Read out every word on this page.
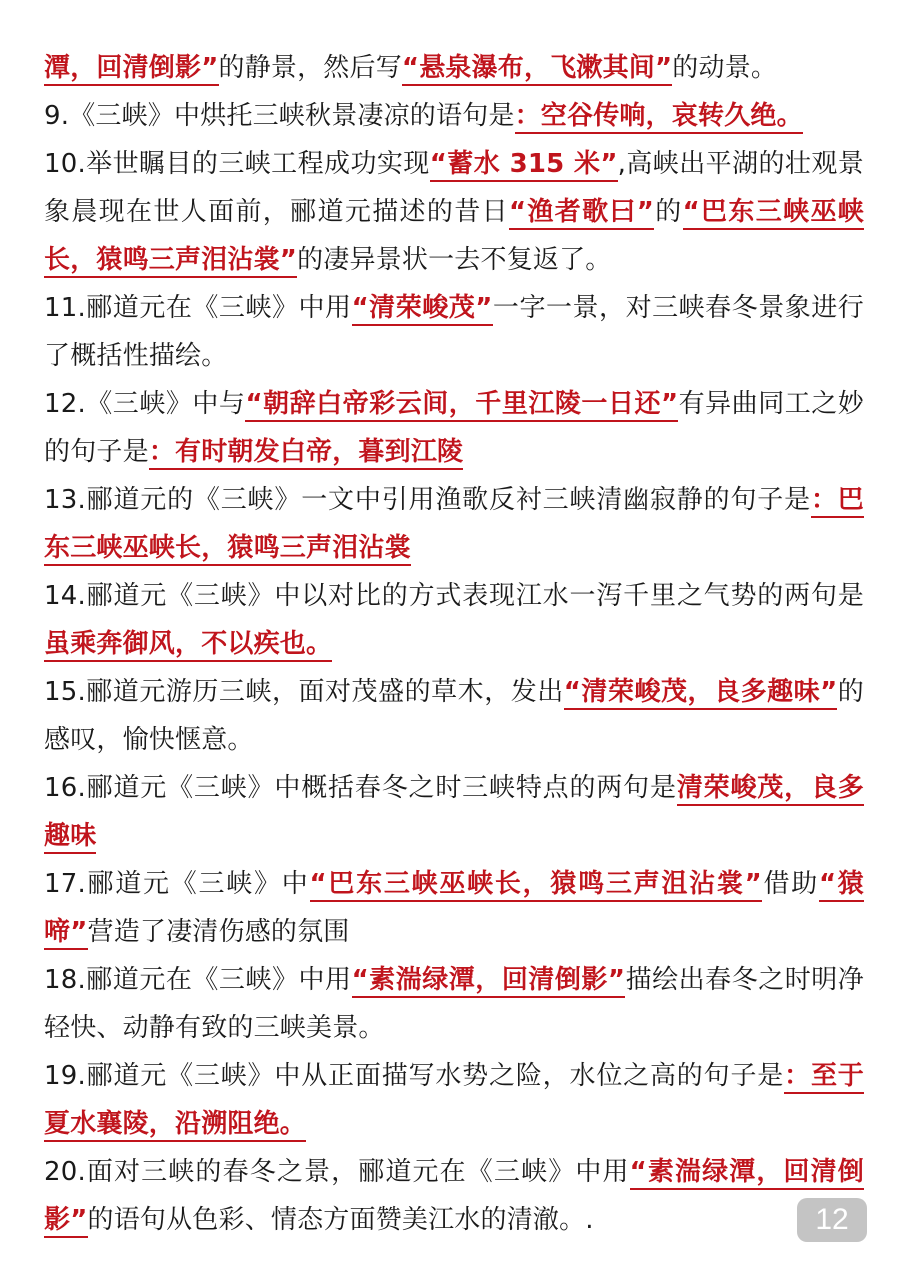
潭，回清倒影”的静景，然后写“悬泉瀑布，飞漱其间”的动景。

9.《三峡》中烘托三峡秋景凄凉的语句是：空谷传响，哀转久绝。

10.举世瞩目的三峡工程成功实现“蓄水 315 米”,高峡出平湖的壮观景象晨现在世人面前，郦道元描述的昔日“渔者歌曰”的“巴东三峡巫峡长，猿鸣三声泪沾裳”的凄异景状一去不复返了。

11.郦道元在《三峡》中用“清荣峻茂”一字一景，对三峡春冬景象进行了概括性描绘。

12.《三峡》中与“朝辞白帝彩云间，千里江陵一日还”有异曲同工之妙的句子是：有时朝发白帝，暮到江陵

13.郦道元的《三峡》一文中引用渔歌反衬三峡清幽寂静的句子是：巴东三峡巫峡长，猿鸣三声泪沾裳

14.郦道元《三峡》中以对比的方式表现江水一泻千里之气势的两句是虽乘奔御风，不以疾也。

15.郦道元游历三峡，面对茂盛的草木，发出“清荣峻茂，良多趣味”的感叹，愉快惬意。

16.郦道元《三峡》中概括春冬之时三峡特点的两句是清荣峻茂，良多趣味

17.郦道元《三峡》中“巴东三峡巫峡长，猿鸣三声沮沾裳”借助“猿啼”营造了凄清伤感的氛围

18.郦道元在《三峡》中用“素湍绿潭，回清倒影”描绘出春冬之时明净轻快、动静有致的三峡美景。

19.郦道元《三峡》中从正面描写水势之险，水位之高的句子是：至于夏水襄陵，沿溯阻绝。

20.面对三峡的春冬之景，郦道元在《三峡》中用“素湍绿潭，回清倒影”的语句从色彩、情态方面赞美江水的清澈。.	12
